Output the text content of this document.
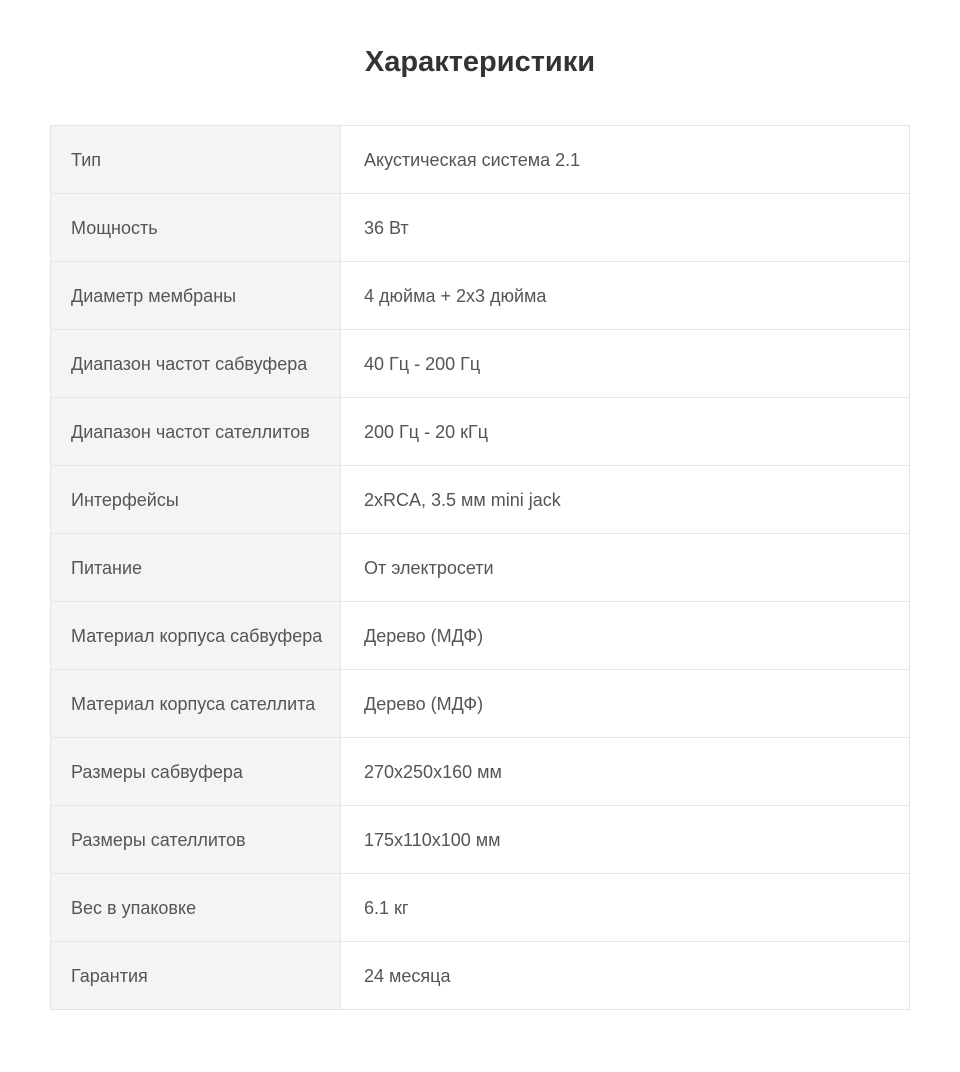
Характеристики
Тип	Акустическая система 2.1
Мощность	36 Вт
Диаметр мембраны	4 дюйма + 2x3 дюйма
Диапазон частот сабвуфера	40 Гц - 200 Гц
Диапазон частот сателлитов	200 Гц - 20 кГц
Интерфейсы	2xRCA, 3.5 мм mini jack
Питание	От электросети
Материал корпуса сабвуфера	Дерево (МДФ)
Материал корпуса сателлита	Дерево (МДФ)
Размеры сабвуфера	270x250x160 мм
Размеры сателлитов	175x110x100 мм
Вес в упаковке	6.1 кг
Гарантия	24 месяца
